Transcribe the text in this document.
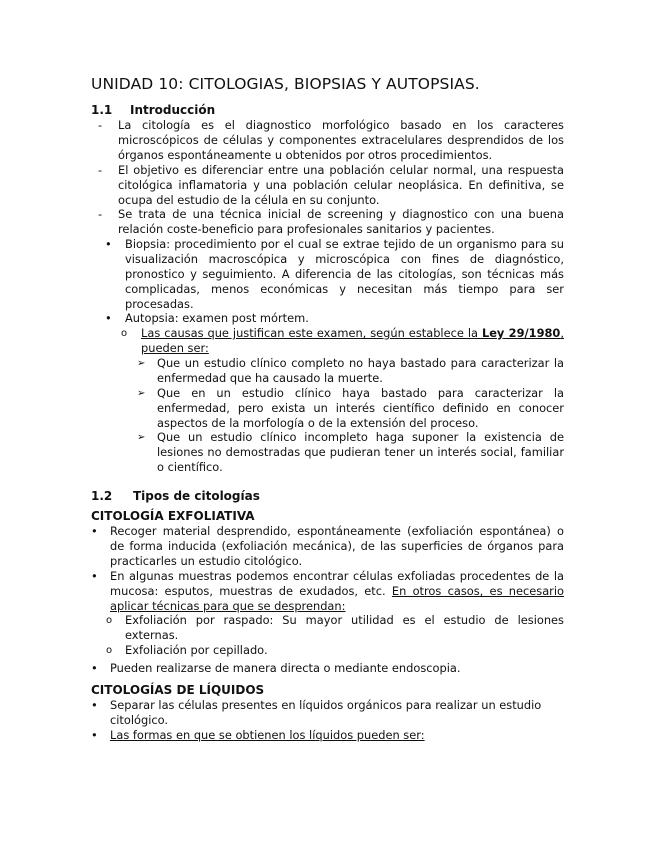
UNIDAD 10: CITOLOGIAS, BIOPSIAS Y AUTOPSIAS.
1.1 Introducción
- La citología es el diagnostico morfológico basado en los caracteres microscópicos de células y componentes extracelulares desprendidos de los órganos espontáneamente u obtenidos por otros procedimientos.
- El objetivo es diferenciar entre una población celular normal, una respuesta citológica inflamatoria y una población celular neoplásica. En definitiva, se ocupa del estudio de la célula en su conjunto.
- Se trata de una técnica inicial de screening y diagnostico con una buena relación coste-beneficio para profesionales sanitarios y pacientes.
• Biopsia: procedimiento por el cual se extrae tejido de un organismo para su visualización macroscópica y microscópica con fines de diagnóstico, pronostico y seguimiento. A diferencia de las citologías, son técnicas más complicadas, menos económicas y necesitan más tiempo para ser procesadas.
• Autopsia: examen post mórtem.
o Las causas que justifican este examen, según establece la Ley 29/1980, pueden ser:
➢ Que un estudio clínico completo no haya bastado para caracterizar la enfermedad que ha causado la muerte.
➢ Que en un estudio clínico haya bastado para caracterizar la enfermedad, pero exista un interés científico definido en conocer aspectos de la morfología o de la extensión del proceso.
➢ Que un estudio clínico incompleto haga suponer la existencia de lesiones no demostradas que pudieran tener un interés social, familiar o científico.
1.2 Tipos de citologías
CITOLOGÍA EXFOLIATIVA
• Recoger material desprendido, espontáneamente (exfoliación espontánea) o de forma inducida (exfoliación mecánica), de las superficies de órganos para practicarles un estudio citológico.
• En algunas muestras podemos encontrar células exfoliadas procedentes de la mucosa: esputos, muestras de exudados, etc. En otros casos, es necesario aplicar técnicas para que se desprendan:
o Exfoliación por raspado: Su mayor utilidad es el estudio de lesiones externas.
o Exfoliación por cepillado.
• Pueden realizarse de manera directa o mediante endoscopia.
CITOLOGÍAS DE LÍQUIDOS
• Separar las células presentes en líquidos orgánicos para realizar un estudio citológico.
• Las formas en que se obtienen los líquidos pueden ser:
